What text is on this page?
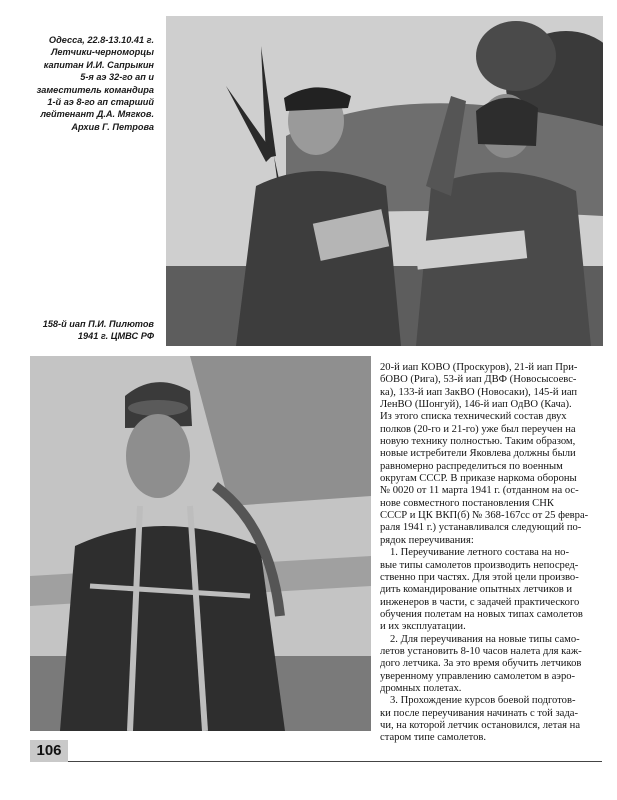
Одесса, 22.8-13.10.41 г.
Летчики-черноморцы
капитан И.И. Сапрыкин
5-я аэ 32-го ап и
заместитель командира
1-й аэ 8-го ап старший
лейтенант Д.А. Мягков.
Архив Г. Петрова
158-й иап П.И. Пилютов
1941 г. ЦМВС РФ
20-й иап КОВО (Проскуров), 21-й иап При-
бОВО (Рига), 53-й иап ДВФ (Новосысоевс-
ка), 133-й иап ЗакВО (Новосаки), 145-й иап
ЛенВО (Шонгуй), 146-й иап ОдВО (Кача).
Из этого списка технический состав двух
полков (20-го и 21-го) уже был переучен на
новую технику полностью. Таким образом,
новые истребители Яковлева должны были
равномерно распределиться по военным
округам СССР. В приказе наркома обороны
№ 0020 от 11 марта 1941 г. (отданном на ос-
нове совместного постановления СНК
СССР и ЦК ВКП(б) № 368-167сс от 25 февра-
раля 1941 г.) устанавливался следующий по-
рядок переучивания:
1. Переучивание летного состава на но-
вые типы самолетов производить непосред-
ственно при частях. Для этой цели произво-
дить командирование опытных летчиков и
инженеров в части, с задачей практического
обучения полетам на новых типах самолетов
и их эксплуатации.
2. Для переучивания на новые типы само-
летов установить 8-10 часов налета для каж-
дого летчика. За это время обучить летчиков
уверенному управлению самолетом в аэро-
дромных полетах.
3. Прохождение курсов боевой подготов-
ки после переучивания начинать с той зада-
чи, на которой летчик остановился, летая на
старом типе самолетов.
106
